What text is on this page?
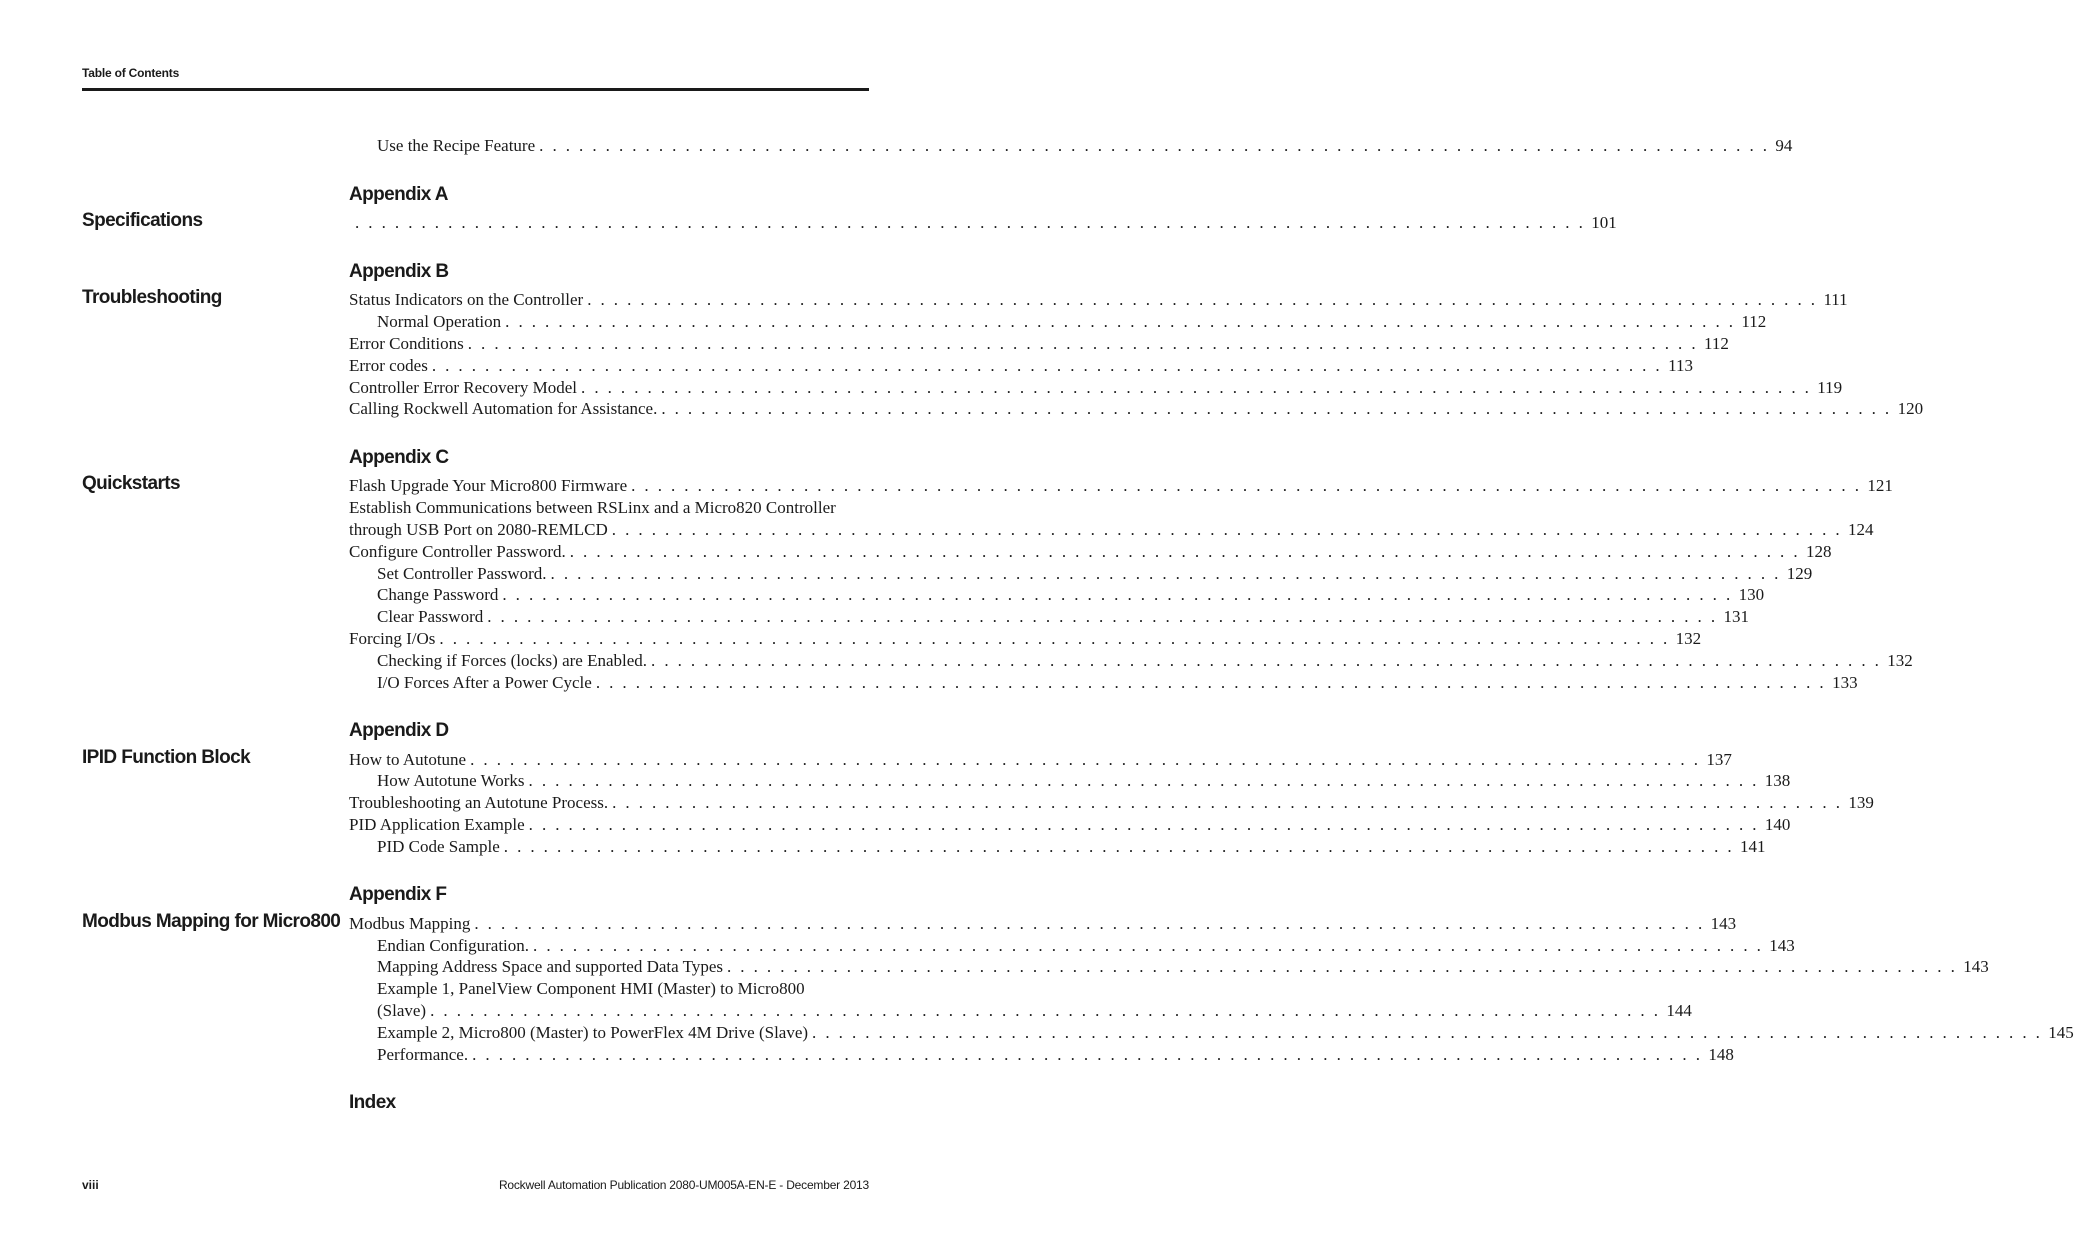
Table of Contents
Use the Recipe Feature . . . . . . . . . . . . . . . . . . . . . . . . . . . . . . . . . . . . . . . . . . . . . . . . . . . . . . . . . . . . . . . . . . . . . . . . . . . . . . . . . . . . . . . . . . . . . 94
Appendix A
Specifications	. . . . . . . . . . . . . . . . . . . . . . . . . . . . . . . . . . . . . . . . . . . . . . . . . . . . . . . . . . . . . . . . . . . . . . . . . . . . . . . . . . . . . . . . . . . . . 101
Appendix B
Troubleshooting	Status Indicators on the Controller . . . . . . . . . . . . . . . . . . . . . . . . . . . . . . . . . . . . . . . . . . . . . . . . . . . . . . . . . . . . . . . . . . . . . . . . . . . . . . . . . . . . . . . . . . . . . 111
Normal Operation . . . . . . . . . . . . . . . . . . . . . . . . . . . . . . . . . . . . . . . . . . . . . . . . . . . . . . . . . . . . . . . . . . . . . . . . . . . . . . . . . . . . . . . . . . . . . 112
Error Conditions . . . . . . . . . . . . . . . . . . . . . . . . . . . . . . . . . . . . . . . . . . . . . . . . . . . . . . . . . . . . . . . . . . . . . . . . . . . . . . . . . . . . . . . . . . . . . 112
Error codes . . . . . . . . . . . . . . . . . . . . . . . . . . . . . . . . . . . . . . . . . . . . . . . . . . . . . . . . . . . . . . . . . . . . . . . . . . . . . . . . . . . . . . . . . . . . . 113
Controller Error Recovery Model . . . . . . . . . . . . . . . . . . . . . . . . . . . . . . . . . . . . . . . . . . . . . . . . . . . . . . . . . . . . . . . . . . . . . . . . . . . . . . . . . . . . . . . . . . . . . 119
Calling Rockwell Automation for Assistance. . . . . . . . . . . . . . . . . . . . . . . . . . . . . . . . . . . . . . . . . . . . . . . . . . . . . . . . . . . . . . . . . . . . . . . . . . . . . . . . . . . . . . . . . . . . . . 120
Appendix C
Quickstarts	Flash Upgrade Your Micro800 Firmware . . . . . . . . . . . . . . . . . . . . . . . . . . . . . . . . . . . . . . . . . . . . . . . . . . . . . . . . . . . . . . . . . . . . . . . . . . . . . . . . . . . . . . . . . . . . . 121
Establish Communications between RSLinx and a Micro820 Controller
through USB Port on 2080-REMLCD . . . . . . . . . . . . . . . . . . . . . . . . . . . . . . . . . . . . . . . . . . . . . . . . . . . . . . . . . . . . . . . . . . . . . . . . . . . . . . . . . . . . . . . . . . . . . 124
Configure Controller Password. . . . . . . . . . . . . . . . . . . . . . . . . . . . . . . . . . . . . . . . . . . . . . . . . . . . . . . . . . . . . . . . . . . . . . . . . . . . . . . . . . . . . . . . . . . . . . 128
Set Controller Password. . . . . . . . . . . . . . . . . . . . . . . . . . . . . . . . . . . . . . . . . . . . . . . . . . . . . . . . . . . . . . . . . . . . . . . . . . . . . . . . . . . . . . . . . . . . . . 129
Change Password . . . . . . . . . . . . . . . . . . . . . . . . . . . . . . . . . . . . . . . . . . . . . . . . . . . . . . . . . . . . . . . . . . . . . . . . . . . . . . . . . . . . . . . . . . . . . 130
Clear Password . . . . . . . . . . . . . . . . . . . . . . . . . . . . . . . . . . . . . . . . . . . . . . . . . . . . . . . . . . . . . . . . . . . . . . . . . . . . . . . . . . . . . . . . . . . . . 131
Forcing I/Os . . . . . . . . . . . . . . . . . . . . . . . . . . . . . . . . . . . . . . . . . . . . . . . . . . . . . . . . . . . . . . . . . . . . . . . . . . . . . . . . . . . . . . . . . . . . . 132
Checking if Forces (locks) are Enabled. . . . . . . . . . . . . . . . . . . . . . . . . . . . . . . . . . . . . . . . . . . . . . . . . . . . . . . . . . . . . . . . . . . . . . . . . . . . . . . . . . . . . . . . . . . . . . 132
I/O Forces After a Power Cycle . . . . . . . . . . . . . . . . . . . . . . . . . . . . . . . . . . . . . . . . . . . . . . . . . . . . . . . . . . . . . . . . . . . . . . . . . . . . . . . . . . . . . . . . . . . . . 133
Appendix D
IPID Function Block	How to Autotune . . . . . . . . . . . . . . . . . . . . . . . . . . . . . . . . . . . . . . . . . . . . . . . . . . . . . . . . . . . . . . . . . . . . . . . . . . . . . . . . . . . . . . . . . . . . . 137
How Autotune Works . . . . . . . . . . . . . . . . . . . . . . . . . . . . . . . . . . . . . . . . . . . . . . . . . . . . . . . . . . . . . . . . . . . . . . . . . . . . . . . . . . . . . . . . . . . . . 138
Troubleshooting an Autotune Process. . . . . . . . . . . . . . . . . . . . . . . . . . . . . . . . . . . . . . . . . . . . . . . . . . . . . . . . . . . . . . . . . . . . . . . . . . . . . . . . . . . . . . . . . . . . . . 139
PID Application Example . . . . . . . . . . . . . . . . . . . . . . . . . . . . . . . . . . . . . . . . . . . . . . . . . . . . . . . . . . . . . . . . . . . . . . . . . . . . . . . . . . . . . . . . . . . . . 140
PID Code Sample . . . . . . . . . . . . . . . . . . . . . . . . . . . . . . . . . . . . . . . . . . . . . . . . . . . . . . . . . . . . . . . . . . . . . . . . . . . . . . . . . . . . . . . . . . . . . 141
Appendix F
Modbus Mapping for Micro800 Modbus Mapping . . . . . . . . . . . . . . . . . . . . . . . . . . . . . . . . . . . . . . . . . . . . . . . . . . . . . . . . . . . . . . . . . . . . . . . . . . . . . . . . . . . . . . . . . . . . . 143
Endian Configuration. . . . . . . . . . . . . . . . . . . . . . . . . . . . . . . . . . . . . . . . . . . . . . . . . . . . . . . . . . . . . . . . . . . . . . . . . . . . . . . . . . . . . . . . . . . . . . 143
Mapping Address Space and supported Data Types . . . . . . . . . . . . . . . . . . . . . . . . . . . . . . . . . . . . . . . . . . . . . . . . . . . . . . . . . . . . . . . . . . . . . . . . . . . . . . . . . . . . . . . . . . . . . 143
Example 1, PanelView Component HMI (Master) to Micro800
(Slave) . . . . . . . . . . . . . . . . . . . . . . . . . . . . . . . . . . . . . . . . . . . . . . . . . . . . . . . . . . . . . . . . . . . . . . . . . . . . . . . . . . . . . . . . . . . . . 144
Example 2, Micro800 (Master) to PowerFlex 4M Drive (Slave) . . . . . . . . . . . . . . . . . . . . . . . . . . . . . . . . . . . . . . . . . . . . . . . . . . . . . . . . . . . . . . . . . . . . . . . . . . . . . . . . . . . . . . . . . . . . . 145
Performance. . . . . . . . . . . . . . . . . . . . . . . . . . . . . . . . . . . . . . . . . . . . . . . . . . . . . . . . . . . . . . . . . . . . . . . . . . . . . . . . . . . . . . . . . . . . . . 148
Index
viii	Rockwell Automation Publication 2080-UM005A-EN-E - December 2013
